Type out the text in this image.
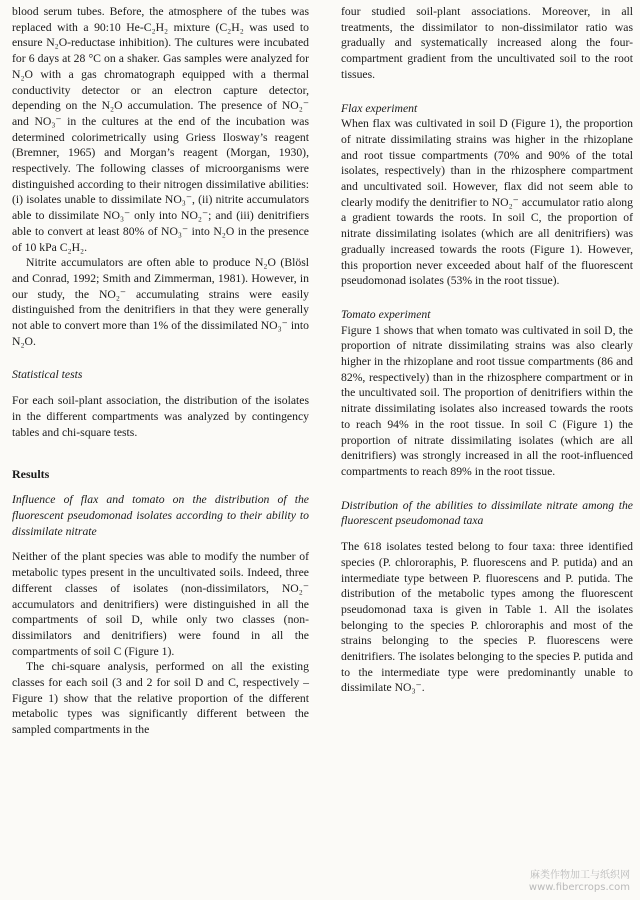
blood serum tubes. Before, the atmosphere of the tubes was replaced with a 90:10 He-C₂H₂ mixture (C₂H₂ was used to ensure N₂O-reductase inhibition). The cultures were incubated for 6 days at 28 °C on a shaker. Gas samples were analyzed for N₂O with a gas chromatograph equipped with a thermal conductivity detector or an electron capture detector, depending on the N₂O accumulation. The presence of NO₂⁻ and NO₃⁻ in the cultures at the end of the incubation was determined colorimetrically using Griess Ilosway’s reagent (Bremner, 1965) and Morgan’s reagent (Morgan, 1930), respectively. The following classes of microorganisms were distinguished according to their nitrogen dissimilative abilities: (i) isolates unable to dissimilate NO₃⁻, (ii) nitrite accumulators able to dissimilate NO₃⁻ only into NO₂⁻; and (iii) denitrifiers able to convert at least 80% of NO₃⁻ into N₂O in the presence of 10 kPa C₂H₂.

Nitrite accumulators are often able to produce N₂O (Blösl and Conrad, 1992; Smith and Zimmerman, 1981). However, in our study, the NO₂⁻ accumulating strains were easily distinguished from the denitrifiers in that they were generally not able to convert more than 1% of the dissimilated NO₃⁻ into N₂O.

Statistical tests

For each soil-plant association, the distribution of the isolates in the different compartments was analyzed by contingency tables and chi-square tests.

Results
Influence of flax and tomato on the distribution of the fluorescent pseudomonad isolates according to their ability to dissimilate nitrate

Neither of the plant species was able to modify the number of metabolic types present in the uncultivated soils. Indeed, three different classes of isolates (non-dissimilators, NO₂⁻ accumulators and denitrifiers) were distinguished in all the compartments of soil D, while only two classes (non-dissimilators and denitrifiers) were found in all the compartments of soil C (Figure 1).

The chi-square analysis, performed on all the existing classes for each soil (3 and 2 for soil D and C, respectively – Figure 1) show that the relative proportion of the different metabolic types was significantly different between the sampled compartments in the

four studied soil-plant associations. Moreover, in all treatments, the dissimilator to non-dissimilator ratio was gradually and systematically increased along the four-compartment gradient from the uncultivated soil to the root tissues.

Flax experiment

When flax was cultivated in soil D (Figure 1), the proportion of nitrate dissimilating strains was higher in the rhizoplane and root tissue compartments (70% and 90% of the total isolates, respectively) than in the rhizosphere compartment and uncultivated soil. However, flax did not seem able to clearly modify the denitrifier to NO₂⁻ accumulator ratio along a gradient towards the roots. In soil C, the proportion of nitrate dissimilating isolates (which are all denitrifiers) was gradually increased towards the roots (Figure 1). However, this proportion never exceeded about half of the fluorescent pseudomonad isolates (53% in the root tissue).

Tomato experiment

Figure 1 shows that when tomato was cultivated in soil D, the proportion of nitrate dissimilating strains was also clearly higher in the rhizoplane and root tissue compartments (86 and 82%, respectively) than in the rhizosphere compartment or in the uncultivated soil. The proportion of denitrifiers within the nitrate dissimilating isolates also increased towards the roots to reach 94% in the root tissue. In soil C (Figure 1) the proportion of nitrate dissimilating isolates (which are all denitrifiers) was strongly increased in all the root-influenced compartments to reach 89% in the root tissue.

Distribution of the abilities to dissimilate nitrate among the fluorescent pseudomonad taxa

The 618 isolates tested belong to four taxa: three identified species (P. chlororaphis, P. fluorescens and P. putida) and an intermediate type between P. fluorescens and P. putida. The distribution of the metabolic types among the fluorescent pseudomonad taxa is given in Table 1. All the isolates belonging to the species P. chlororaphis and most of the strains belonging to the species P. fluorescens were denitrifiers. The isolates belonging to the species P. putida and to the intermediate type were predominantly unable to dissimilate NO₃⁻.

麻类作物加工与纸织网
www.fibercrops.com
